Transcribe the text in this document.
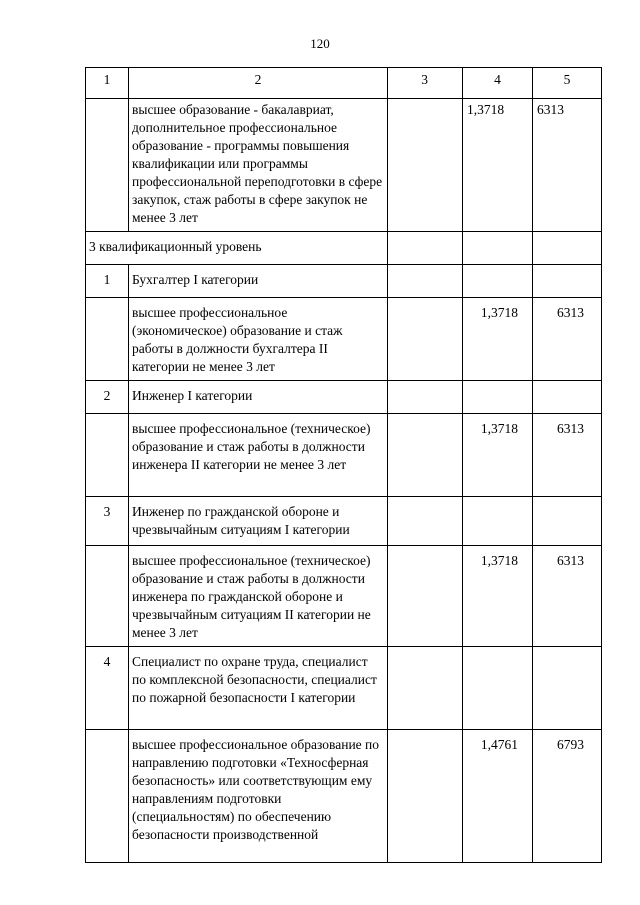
120
1	2	3	4	5
	высшее образование - бакалавриат, дополнительное профессиональное образование - программы повышения квалификации или программы профессиональной переподготовки в сфере закупок, стаж работы в сфере закупок не менее 3 лет		1,3718	6313
3 квалификационный уровень				
1	Бухгалтер I категории			
	высшее профессиональное (экономическое) образование и стаж работы в должности бухгалтера II категории не менее 3 лет		1,3718	6313
2	Инженер I категории			
	высшее профессиональное (техническое) образование и стаж работы в должности инженера II категории не менее 3 лет		1,3718	6313
3	Инженер по гражданской обороне и чрезвычайным ситуациям I категории			
	высшее профессиональное (техническое) образование и стаж работы в должности инженера по гражданской обороне и чрезвычайным ситуациям II категории не менее 3 лет		1,3718	6313
4	Специалист по охране труда, специалист по комплексной безопасности, специалист по пожарной безопасности I категории			
	высшее профессиональное образование по направлению подготовки «Техносферная безопасность» или соответствующим ему направлениям подготовки (специальностям) по обеспечению безопасности производственной		1,4761	6793
